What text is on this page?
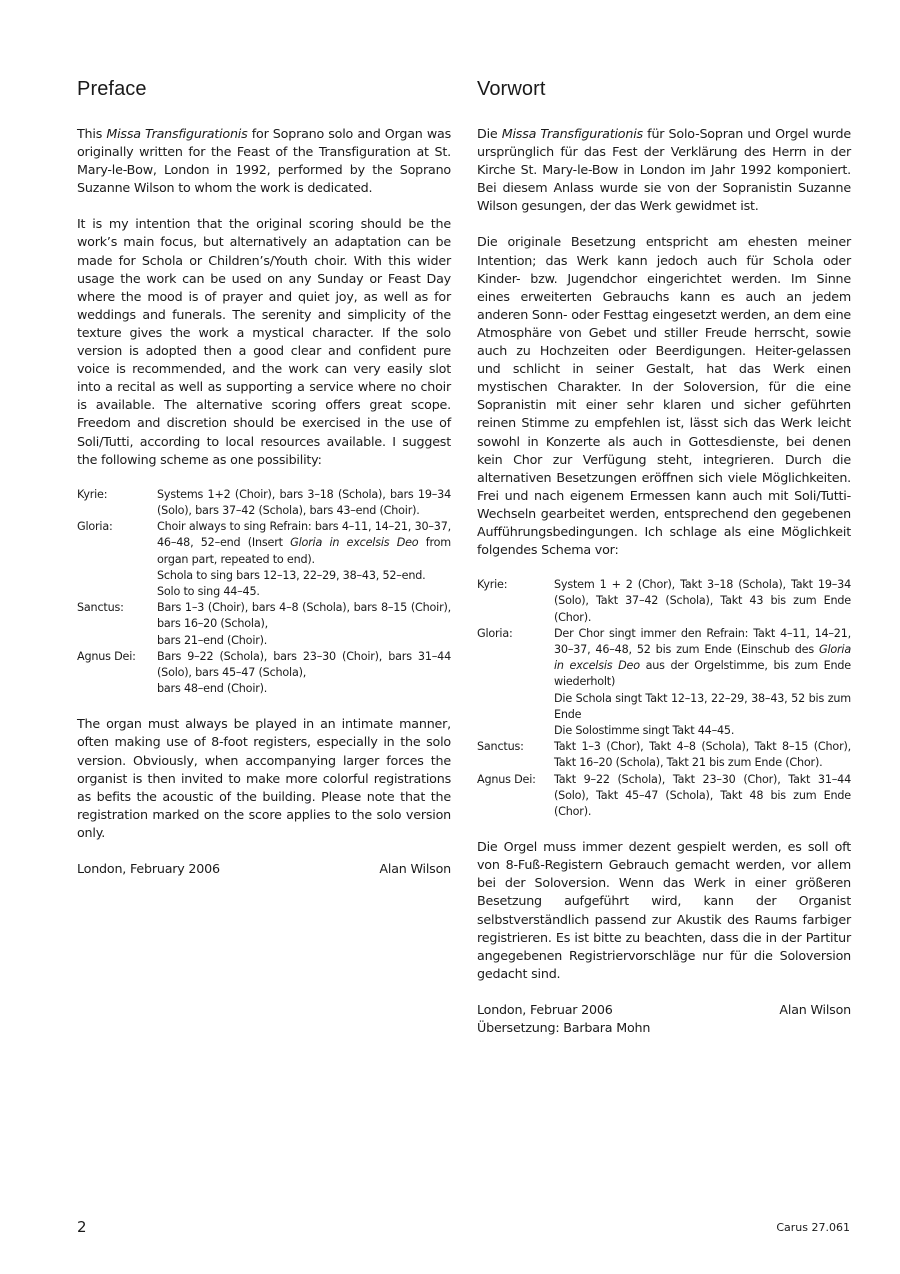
Preface

This Missa Transfigurationis for Soprano solo and Organ was originally written for the Feast of the Transfiguration at St. Mary-le-Bow, London in 1992, performed by the Soprano Suzanne Wilson to whom the work is dedicated.

It is my intention that the original scoring should be the work’s main focus, but alternatively an adaptation can be made for Schola or Children’s/Youth choir. With this wider usage the work can be used on any Sunday or Feast Day where the mood is of prayer and quiet joy, as well as for weddings and funerals. The serenity and simplicity of the texture gives the work a mystical character. If the solo version is adopted then a good clear and confident pure voice is recommended, and the work can very easily slot into a recital as well as supporting a service where no choir is available. The alternative scoring offers great scope. Freedom and discretion should be exercised in the use of Soli/Tutti, according to local resources available. I suggest the following scheme as one possibility:

Kyrie:	Systems 1+2 (Choir), bars 3–18 (Schola), bars 19–34 (Solo), bars 37–42 (Schola), bars 43–end (Choir).
Gloria:	Choir always to sing Refrain: bars 4–11, 14–21, 30–37, 46–48, 52–end (Insert Gloria in excelsis Deo from organ part, repeated to end).
Schola to sing bars 12–13, 22–29, 38–43, 52–end.
Solo to sing 44–45.
Sanctus:	Bars 1–3 (Choir), bars 4–8 (Schola), bars 8–15 (Choir), bars 16–20 (Schola),
bars 21–end (Choir).
Agnus Dei:	Bars 9–22 (Schola), bars 23–30 (Choir), bars 31–44 (Solo), bars 45–47 (Schola),
bars 48–end (Choir).

The organ must always be played in an intimate manner, often making use of 8-foot registers, especially in the solo version. Obviously, when accompanying larger forces the organist is then invited to make more colorful registrations as befits the acoustic of the building. Please note that the registration marked on the score applies to the solo version only.

London, February 2006	Alan Wilson
Vorwort

Die Missa Transfigurationis für Solo-Sopran und Orgel wurde ursprünglich für das Fest der Verklärung des Herrn in der Kirche St. Mary-le-Bow in London im Jahr 1992 komponiert. Bei diesem Anlass wurde sie von der Sopranistin Suzanne Wilson gesungen, der das Werk gewidmet ist.

Die originale Besetzung entspricht am ehesten meiner Intention; das Werk kann jedoch auch für Schola oder Kinder- bzw. Jugendchor eingerichtet werden. Im Sinne eines erweiterten Gebrauchs kann es auch an jedem anderen Sonn- oder Festtag eingesetzt werden, an dem eine Atmosphäre von Gebet und stiller Freude herrscht, sowie auch zu Hochzeiten oder Beerdigungen. Heiter-gelassen und schlicht in seiner Gestalt, hat das Werk einen mystischen Charakter. In der Soloversion, für die eine Sopranistin mit einer sehr klaren und sicher geführten reinen Stimme zu empfehlen ist, lässt sich das Werk leicht sowohl in Konzerte als auch in Gottesdienste, bei denen kein Chor zur Verfügung steht, integrieren. Durch die alternativen Besetzungen eröffnen sich viele Möglichkeiten. Frei und nach eigenem Ermessen kann auch mit Soli/Tutti-Wechseln gearbeitet werden, entsprechend den gegebenen Aufführungsbedingungen. Ich schlage als eine Möglichkeit folgendes Schema vor:

Kyrie:	System 1 + 2 (Chor), Takt 3–18 (Schola), Takt 19–34 (Solo), Takt 37–42 (Schola), Takt 43 bis zum Ende (Chor).
Gloria:	Der Chor singt immer den Refrain: Takt 4–11, 14–21, 30–37, 46–48, 52 bis zum Ende (Einschub des Gloria in excelsis Deo aus der Orgelstimme, bis zum Ende wiederholt)
Die Schola singt Takt 12–13, 22–29, 38–43, 52 bis zum Ende
Die Solostimme singt Takt 44–45.
Sanctus:	Takt 1–3 (Chor), Takt 4–8 (Schola), Takt 8–15 (Chor), Takt 16–20 (Schola), Takt 21 bis zum Ende (Chor).
Agnus Dei:	Takt 9–22 (Schola), Takt 23–30 (Chor), Takt 31–44 (Solo), Takt 45–47 (Schola), Takt 48 bis zum Ende (Chor).

Die Orgel muss immer dezent gespielt werden, es soll oft von 8-Fuß-Registern Gebrauch gemacht werden, vor allem bei der Soloversion. Wenn das Werk in einer größeren Besetzung aufgeführt wird, kann der Organist selbstverständlich passend zur Akustik des Raums farbiger registrieren. Es ist bitte zu beachten, dass die in der Partitur angegebenen Registriervorschläge nur für die Soloversion gedacht sind.

London, Februar 2006	Alan Wilson
Übersetzung: Barbara Mohn
2	Carus 27.061
